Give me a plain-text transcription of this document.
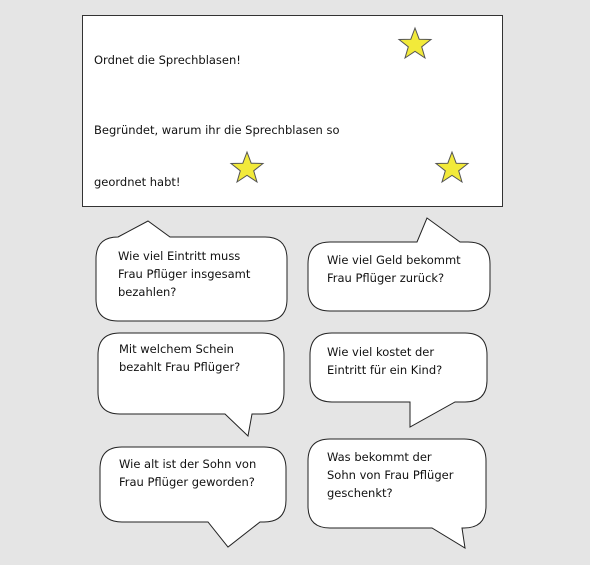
Ordnet die Sprechblasen!

Begründet, warum ihr die Sprechblasen so

geordnet habt!

Wie viel Eintritt muss
Frau Pflüger insgesamt
bezahlen?

Wie viel Geld bekommt
Frau Pflüger zurück?

Mit welchem Schein
bezahlt Frau Pflüger?

Wie viel kostet der
Eintritt für ein Kind?

Wie alt ist der Sohn von
Frau Pflüger geworden?

Was bekommt der
Sohn von Frau Pflüger
geschenkt?
